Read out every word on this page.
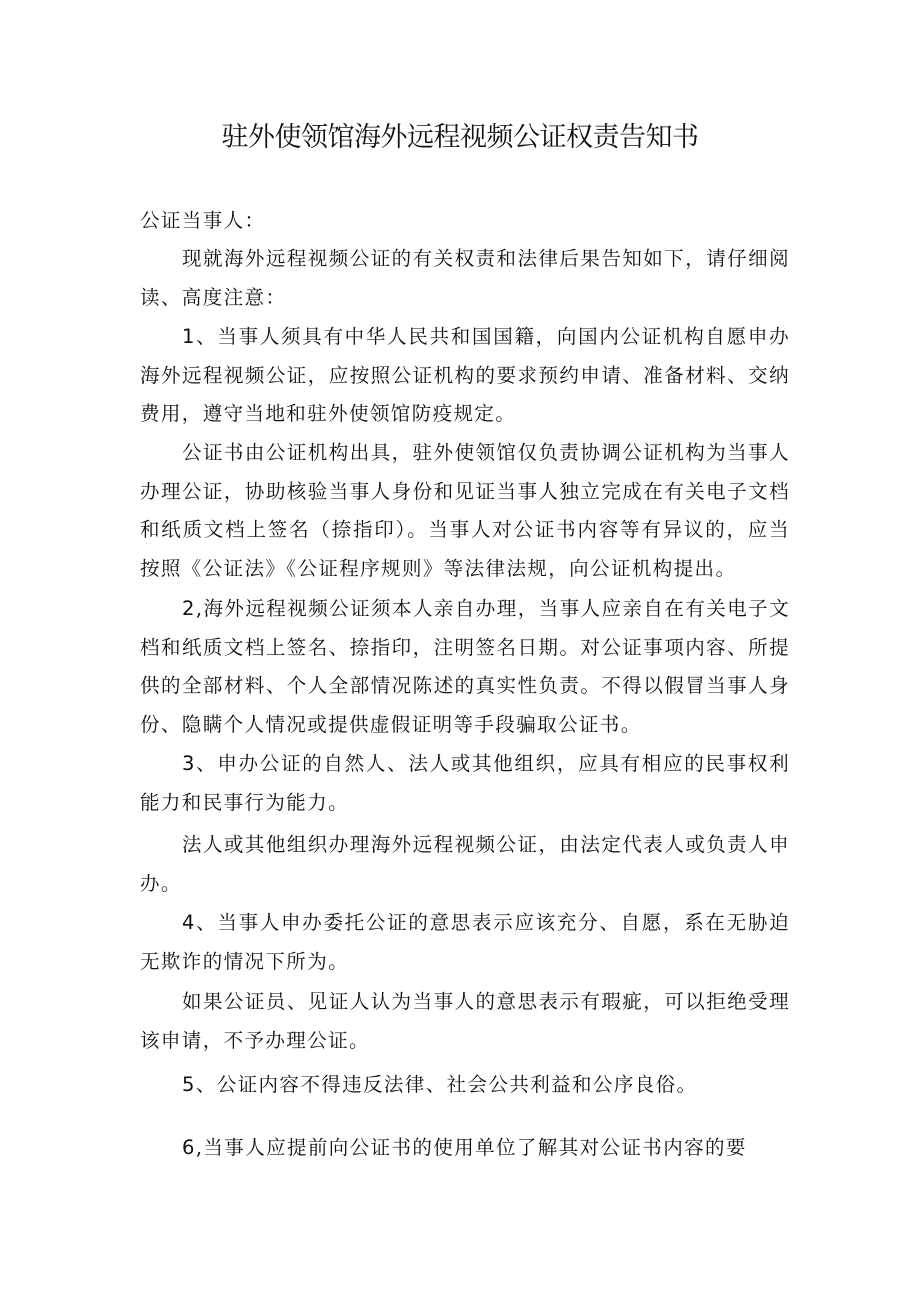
驻外使领馆海外远程视频公证权责告知书
公证当事人：
现就海外远程视频公证的有关权责和法律后果告知如下，请仔细阅读、高度注意：
1、当事人须具有中华人民共和国国籍，向国内公证机构自愿申办海外远程视频公证，应按照公证机构的要求预约申请、准备材料、交纳费用，遵守当地和驻外使领馆防疫规定。
公证书由公证机构出具，驻外使领馆仅负责协调公证机构为当事人办理公证，协助核验当事人身份和见证当事人独立完成在有关电子文档和纸质文档上签名（捺指印）。当事人对公证书内容等有异议的，应当按照《公证法》《公证程序规则》等法律法规，向公证机构提出。
2,海外远程视频公证须本人亲自办理，当事人应亲自在有关电子文档和纸质文档上签名、捺指印，注明签名日期。对公证事项内容、所提供的全部材料、个人全部情况陈述的真实性负责。不得以假冒当事人身份、隐瞒个人情况或提供虚假证明等手段骗取公证书。
3、申办公证的自然人、法人或其他组织，应具有相应的民事权利能力和民事行为能力。
法人或其他组织办理海外远程视频公证，由法定代表人或负责人申办。
4、当事人申办委托公证的意思表示应该充分、自愿，系在无胁迫无欺诈的情况下所为。
如果公证员、见证人认为当事人的意思表示有瑕疵，可以拒绝受理该申请，不予办理公证。
5、公证内容不得违反法律、社会公共利益和公序良俗。
6,当事人应提前向公证书的使用单位了解其对公证书内容的要
